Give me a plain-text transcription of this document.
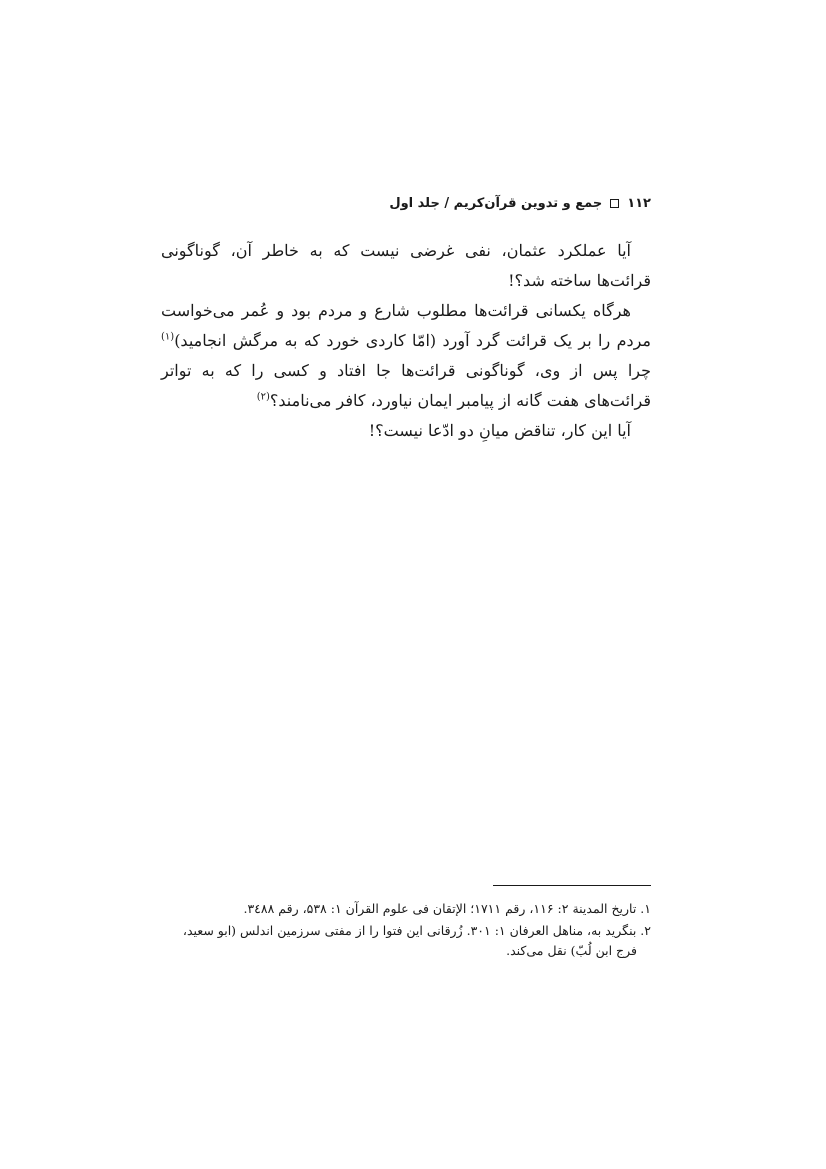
۱۱۲
جمع و تدوین قرآن‌کریم / جلد اول

آیا عملکرد عثمان، نفی غرضی نیست که به خاطر آن، گوناگونی قرائت‌ها ساخته شد؟!

هرگاه یکسانی قرائت‌ها مطلوب شارع و مردم بود و عُمر می‌خواست مردم را بر یک قرائت گرد آورد (امّا کاردی خورد که به مرگش انجامید)$^{(۱)}$ چرا پس از وی، گوناگونی قرائت‌ها جا افتاد و کسی را که به تواتر قرائت‌های هفت گانه از پیامبر ایمان نیاورد، کافر می‌نامند؟$^{(۲)}$

آیا این کار، تناقض میانِ دو ادّعا نیست؟!

۱. تاریخ المدینة ۲: ۱۱۶، رقم ۱۷۱۱؛ الإتقان فی علوم القرآن ۱: ۵۳۸، رقم ۳٤۸۸.

۲. بنگرید به، مناهل العرفان ۱: ۳۰۱. زُرقانی این فتوا را از مفتی سرزمین اندلس (ابو سعید، فرج ابن لُبّ) نقل می‌کند.
